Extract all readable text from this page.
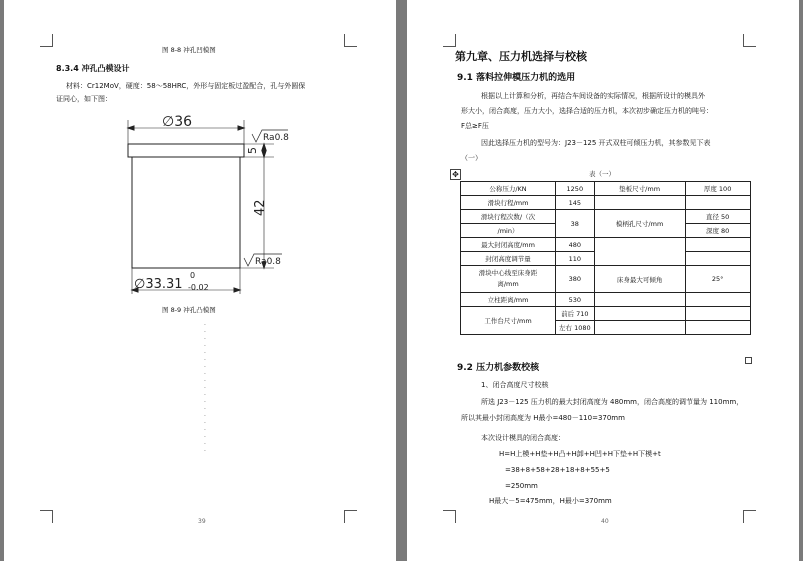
图 8-8 冲孔凹模图
8.3.4 冲孔凸模设计
材料：Cr12MoV，硬度：58～58HRC，外形与固定板过盈配合，孔与外圆保
证同心，如下图：
∅36
5
42
∅33.31
0
-0.02
Ra0.8
Ra0.8
图 8-9 冲孔凸模图
·
·
·
·
·
·
·
·
·
·
·
·
·
·
·
·
·
·
·
39
第九章、压力机选择与校核
9.1 落料拉伸模压力机的选用
根据以上计算和分析，再结合车间设备的实际情况，根据所设计的模具外
形大小，闭合高度，压力大小，选择合适的压力机，本次初步确定压力机的吨号：
F总≥F压
因此选择压力机的型号为：J23－125 开式双柱可倾压力机，其参数见下表
（一）
✥	表（一）
公称压力/KN	1250	垫板尺寸/mm	厚度 100
滑块行程/mm	145		
滑块行程次数/（次	38	模柄孔尺寸/mm	直径 50
/min）			深度 80
最大封闭高度/mm	480		
封闭高度调节量	110		
滑块中心线至床身距
离/mm	380	床身最大可倾角	25°
立柱距离/mm	530		
工作台尺寸/mm	前后 710		
	左右 1080		
9.2 压力机参数校核
1、闭合高度尺寸校核
所选 J23－125 压力机的最大封闭高度为 480mm，闭合高度的调节量为 110mm，
所以其最小封闭高度为 H最小=480－110=370mm
本次设计模具的闭合高度：
H=H上模+H垫+H凸+H卸+H凹+H下垫+H下模+t
=38+8+58+28+18+8+55+5
=250mm
H最大－5=475mm，H最小=370mm
40
